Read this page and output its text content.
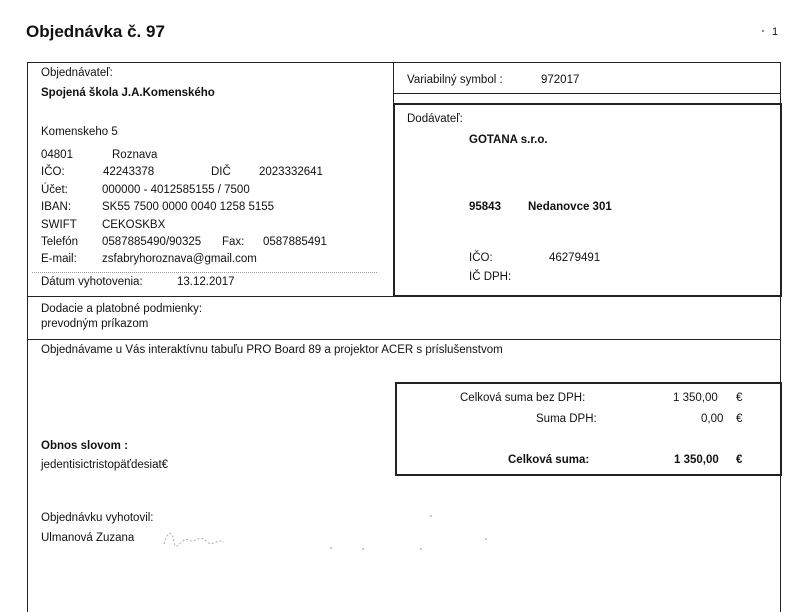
Objednávka č. 97	1
Objednávateľ:
Spojená škola J.A.Komenského
Komenskeho 5
04801	Roznava
IČO:	42243378	DIČ 2023332641
Účet:	000000 - 4012585155 / 7500
IBAN:	SK55 7500 0000 0040 1258 5155
SWIFT CEKOSKBX
Telefón 0587885490/90325 Fax: 0587885491
E-mail: zsfabryhoroznava@gmail.com
Dátum vyhotovenia:	13.12.2017
Variabilný symbol :	972017
Dodávateľ:
GOTANA s.r.o.
95843 Nedanovce 301
IČO:	46279491
IČ DPH:
Dodacie a platobné podmienky:
prevodným príkazom
Objednávame u Vás interaktívnu tabuľu PRO Board 89 a projektor ACER s príslušenstvom
Celková suma bez DPH:	1 350,00 €
Suma DPH:	0,00 €
Celková suma:	1 350,00 €
Obnos slovom :
jedentisictristopäťdesiat€
Objednávku vyhotovil:
Ulmanová Zuzana
